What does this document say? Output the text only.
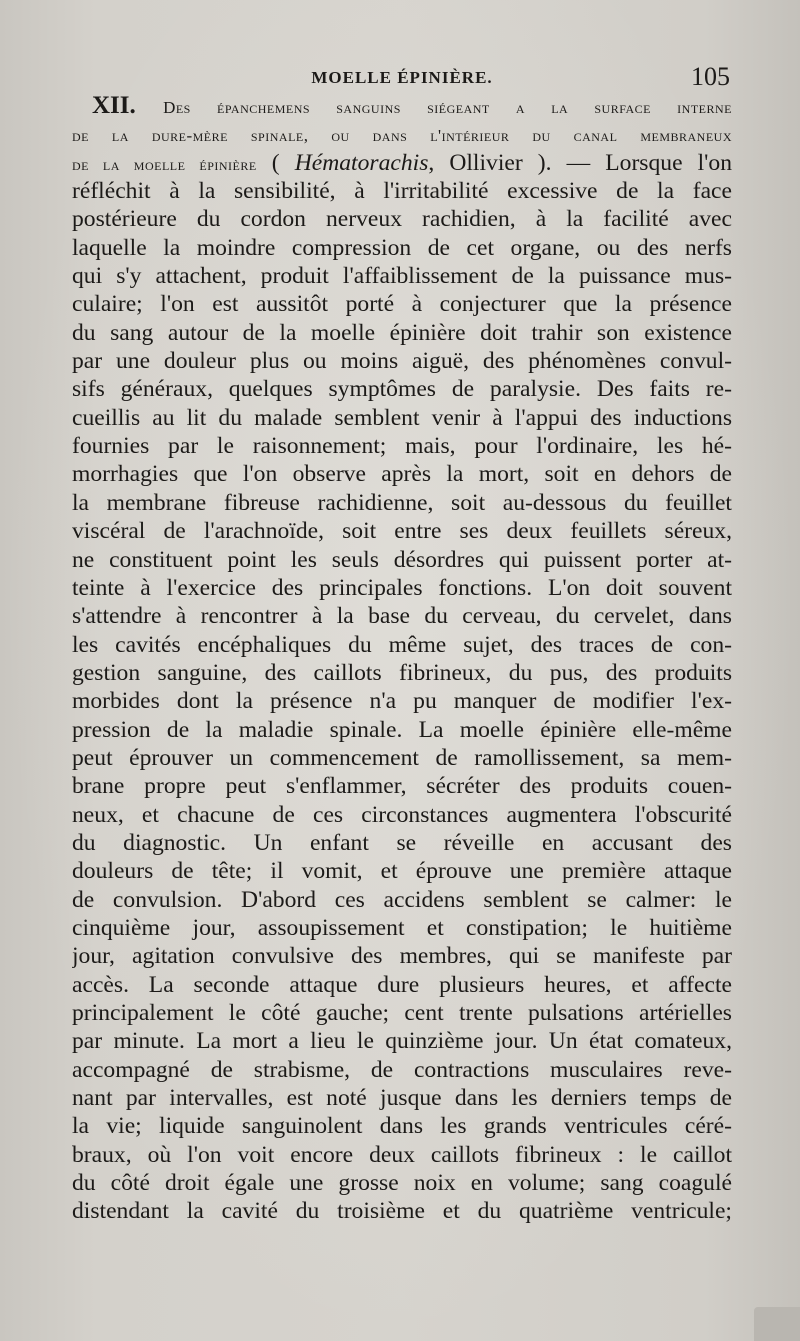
MOELLE ÉPINIÈRE.	105
XII. Des épanchemens sanguins siégeant a la surface interne
de la dure-mère spinale, ou dans l'intérieur du canal membraneux
de la moelle épinière ( Hématorachis, Ollivier ). — Lorsque l'on
réfléchit à la sensibilité, à l'irritabilité excessive de la face
postérieure du cordon nerveux rachidien, à la facilité avec
laquelle la moindre compression de cet organe, ou des nerfs
qui s'y attachent, produit l'affaiblissement de la puissance mus-
culaire; l'on est aussitôt porté à conjecturer que la présence
du sang autour de la moelle épinière doit trahir son existence
par une douleur plus ou moins aiguë, des phénomènes convul-
sifs généraux, quelques symptômes de paralysie. Des faits re-
cueillis au lit du malade semblent venir à l'appui des inductions
fournies par le raisonnement; mais, pour l'ordinaire, les hé-
morrhagies que l'on observe après la mort, soit en dehors de
la membrane fibreuse rachidienne, soit au-dessous du feuillet
viscéral de l'arachnoïde, soit entre ses deux feuillets séreux,
ne constituent point les seuls désordres qui puissent porter at-
teinte à l'exercice des principales fonctions. L'on doit souvent
s'attendre à rencontrer à la base du cerveau, du cervelet, dans
les cavités encéphaliques du même sujet, des traces de con-
gestion sanguine, des caillots fibrineux, du pus, des produits
morbides dont la présence n'a pu manquer de modifier l'ex-
pression de la maladie spinale. La moelle épinière elle-même
peut éprouver un commencement de ramollissement, sa mem-
brane propre peut s'enflammer, sécréter des produits couen-
neux, et chacune de ces circonstances augmentera l'obscurité
du diagnostic. Un enfant se réveille en accusant des
douleurs de tête; il vomit, et éprouve une première attaque
de convulsion. D'abord ces accidens semblent se calmer: le
cinquième jour, assoupissement et constipation; le huitième
jour, agitation convulsive des membres, qui se manifeste par
accès. La seconde attaque dure plusieurs heures, et affecte
principalement le côté gauche; cent trente pulsations artérielles
par minute. La mort a lieu le quinzième jour. Un état comateux,
accompagné de strabisme, de contractions musculaires reve-
nant par intervalles, est noté jusque dans les derniers temps de
la vie; liquide sanguinolent dans les grands ventricules céré-
braux, où l'on voit encore deux caillots fibrineux : le caillot
du côté droit égale une grosse noix en volume; sang coagulé
distendant la cavité du troisième et du quatrième ventricule;
